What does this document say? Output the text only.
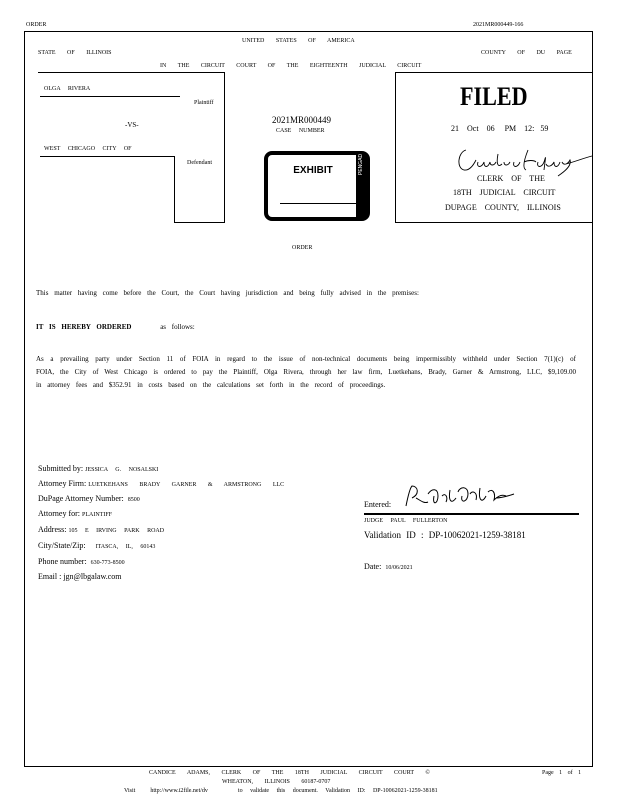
ORDER	2021MR000449-166
UNITED STATES OF AMERICA
STATE OF ILLINOIS	COUNTY OF DU PAGE
IN THE CIRCUIT COURT OF THE EIGHTEENTH JUDICIAL CIRCUIT
OLGA RIVERA
Plaintiff
-VS-
WEST CHICAGO CITY OF
Defendant
2021MR000449
CASE NUMBER
EXHIBIT	PENGAD
FILED
21 Oct 06 PM 12: 59
CLERK OF THE
18TH JUDICIAL CIRCUIT
DUPAGE COUNTY, ILLINOIS
ORDER
This matter having come before the Court, the Court having jurisdiction and being fully advised in the premises:
IT IS HEREBY ORDERED	as follows:
As a prevailing party under Section 11 of FOIA in regard to the issue of non-technical documents being impermissibly withheld under Section 7(1)(c) of FOIA, the City of West Chicago is ordered to pay the Plaintiff, Olga Rivera, through her law firm, Luetkehans, Brady, Garner & Armstrong, LLC, $9,109.00 in attorney fees and $352.91 in costs based on the calculations set forth in the record of proceedings.
Submitted by: JESSICA G. NOSALSKI
Attorney Firm: LUETKEHANS BRADY GARNER & ARMSTRONG LLC
DuPage Attorney Number: 8500
Attorney for: PLAINTIFF
Address: 105 E IRVING PARK ROAD
City/State/Zip: ITASCA, IL, 60143
Phone number: 630-773-8500
Email : jgn@lbgalaw.com
Entered:
JUDGE PAUL FULLERTON
Validation ID : DP-10062021-1259-38181
Date: 10/06/2021
CANDICE ADAMS, CLERK OF THE 18TH JUDICIAL CIRCUIT COURT ©	Page 1 of 1
WHEATON, ILLINOIS 60187-0707
Visit	http://www.i2file.net/dv	to validate this document. Validation ID: DP-10062021-1259-38181
